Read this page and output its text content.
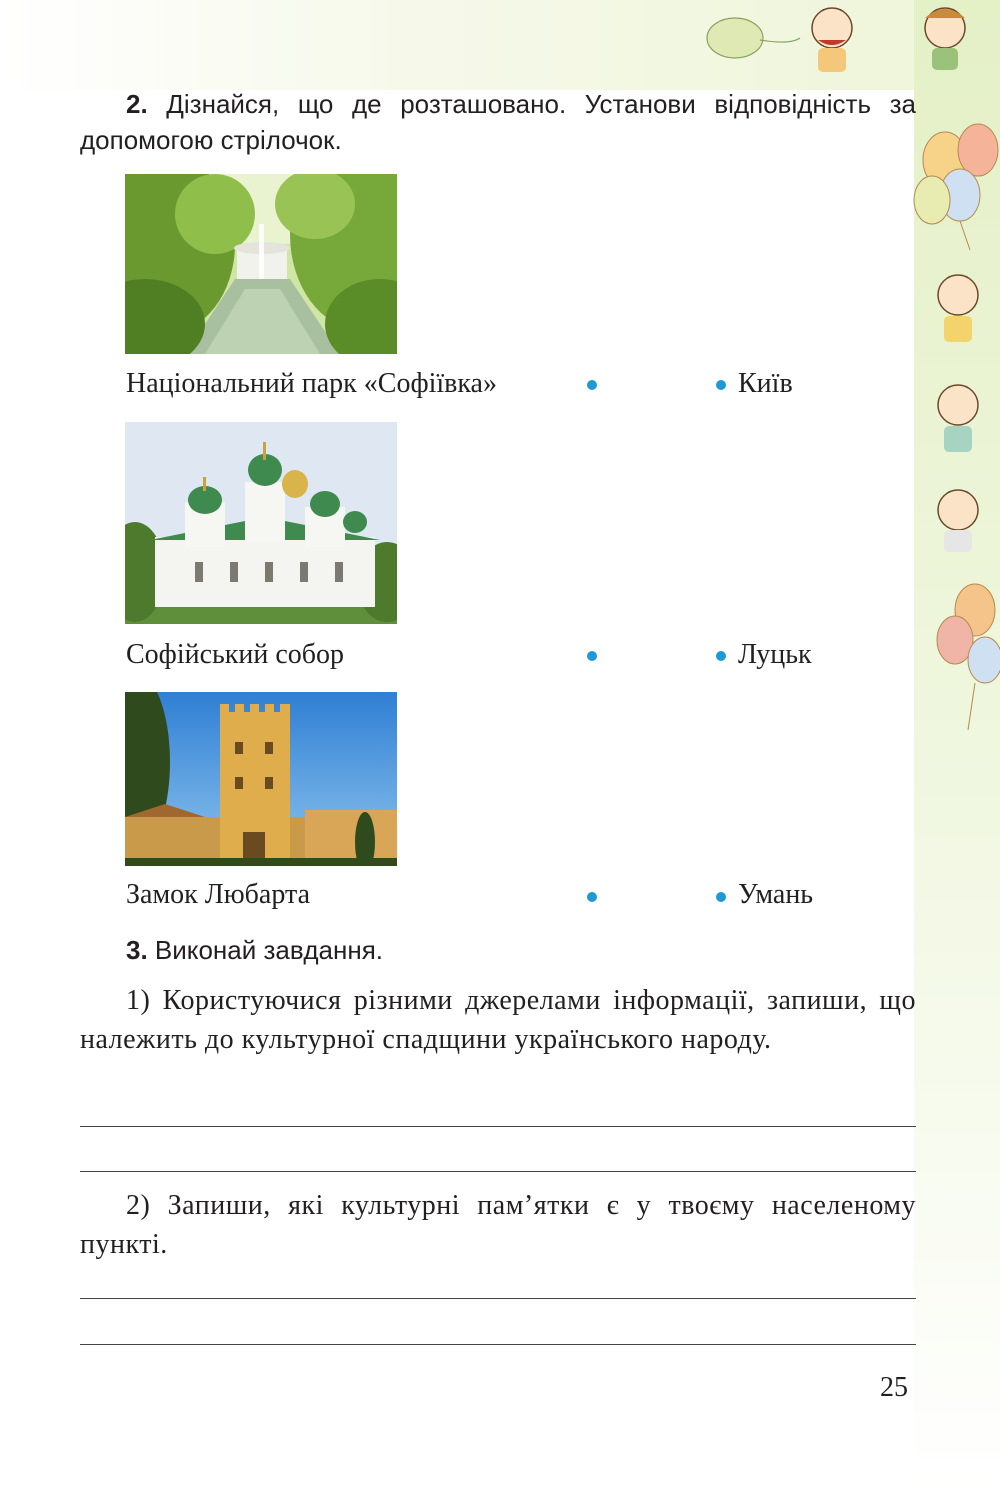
2. Дізнайся, що де розташовано. Установи відповідність за допомогою стрілочок.

Національний парк «Софіївка»	Київ

Софійський собор	Луцьк

Замок Любарта	Умань

3. Виконай завдання.

1) Користуючися різними джерелами інформації, запиши, що належить до культурної спадщини українського народу.

2) Запиши, які культурні пам’ятки є у твоєму населеному пункті.

25
